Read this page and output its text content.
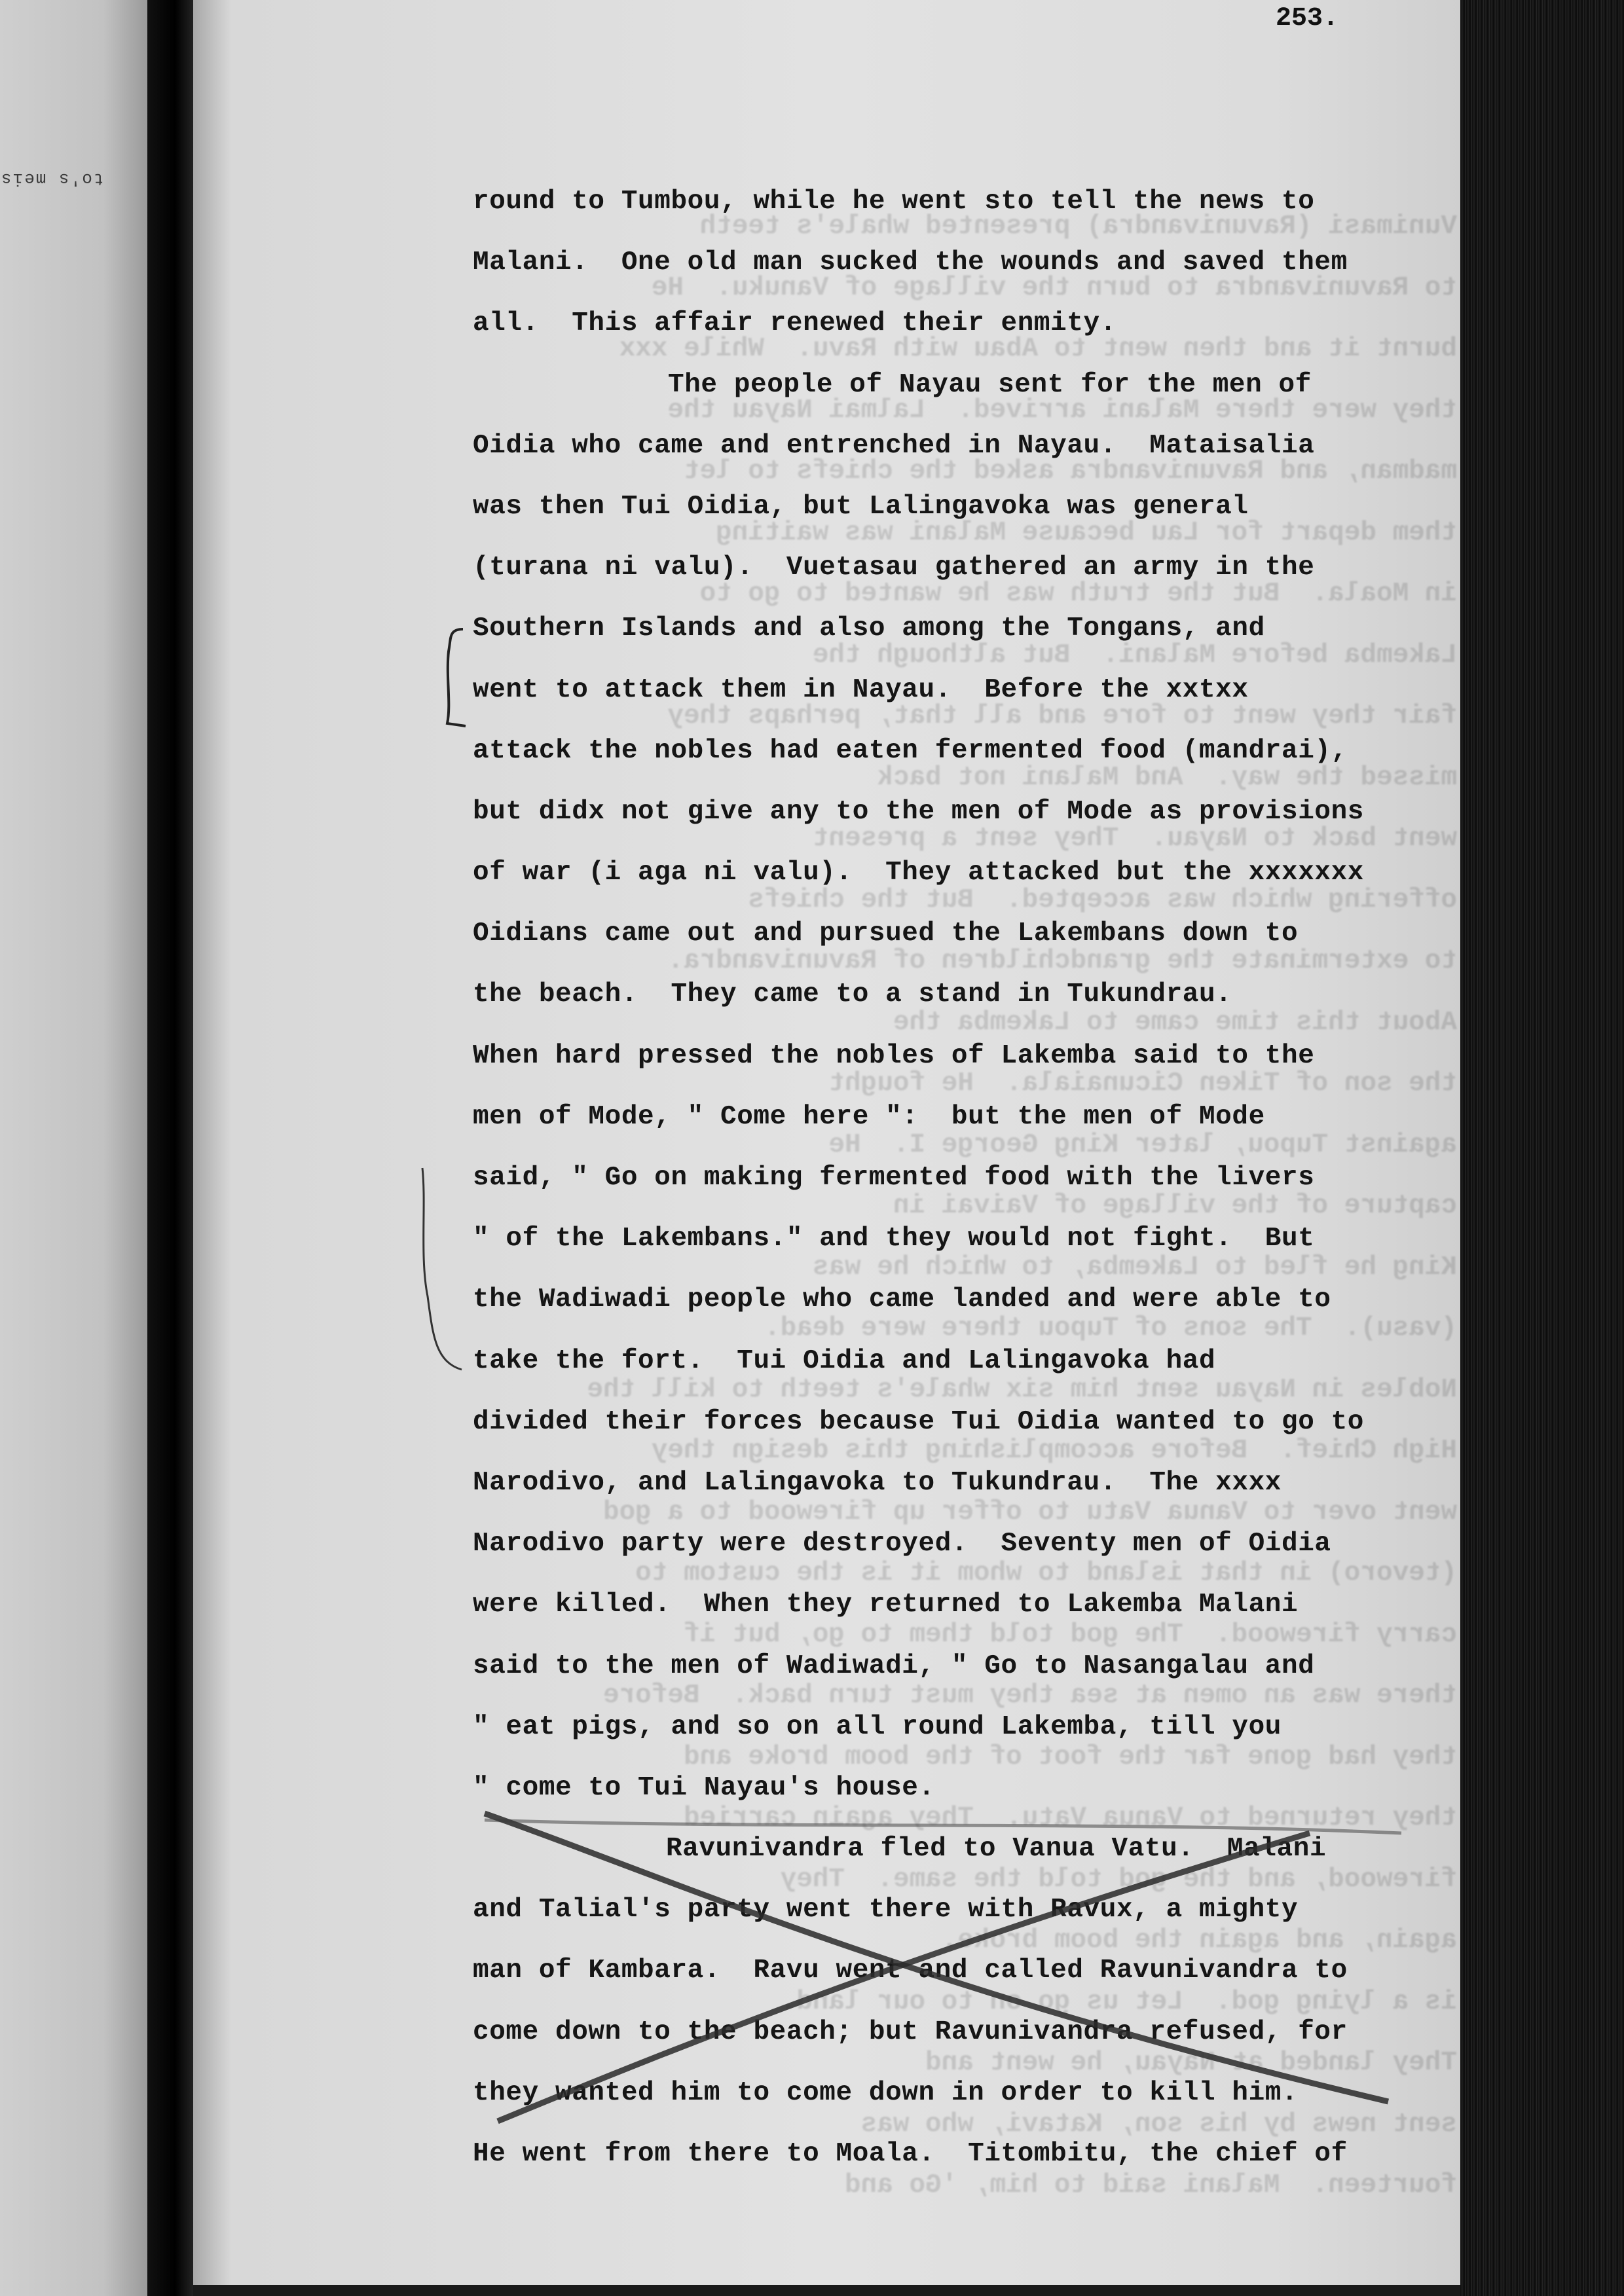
to's meis
Vunimasi (Ravunivandra) presented whale's teeth
to Ravunivandra to burn the village of Vanuku.  He
burnt it and then went to Abau with Ravu.  While xxx
they were there Malani arrived.  Lalmai Nayau the
madman, and Ravunivandra asked the chiefs to let
them depart for Lau because Malani was waiting
in Moala.  But the truth was he wanted to go to
Lakemba before Malani.  But although the
fair they went to fore and all that, perhaps they
missed the way.  And Malani not back
went back to Nayau.  They sent a present
offering which was accepted.  But the chiefs
to exterminate the grandchildren of Ravunivandra.
About this time came to Lakemba the
the son of Tiken Cicunaiala.  He fought
against Tupou, later King George I.  He
capture of the village of Vaivai in
King he fled to Lakemba, to which he was
(vasu).  The sons of Tupou there were dead.
Nobles in Nayau sent him six whale's teeth to kill the
High Chief.  Before accomplishing this design they
went over to Vanua Vatu to offer up firewood to a god
(tevoro) in that island to whom it is the custom to
carry firewood.  The god told them to go, but if
there was an omen at sea they must turn back.  Before
they had gone far the foot of the boom broke and
they returned to Vanua Vatu.  They again carried
firewood, and the god told the same.  They
again, and again the boom broke.
is a lying god.  Let us go on to our land.
They landed at Nayau, he went and
sent news by his son, Katavi, who was
fourteen.  Malani said to him, 'Go and
253.
round to Tumbou, while he went sto tell the news to
Malani.  One old man sucked the wounds and saved them
all.  This affair renewed their enmity.
The people of Nayau sent for the men of
Oidia who came and entrenched in Nayau.  Mataisalia
was then Tui Oidia, but Lalingavoka was general
(turana ni valu).  Vuetasau gathered an army in the
Southern Islands and also among the Tongans, and
went to attack them in Nayau.  Before the xxtxx
attack the nobles had eaten fermented food (mandrai),
but didx not give any to the men of Mode as provisions
of war (i aga ni valu).  They attacked but the xxxxxxx
Oidians came out and pursued the Lakembans down to
the beach.  They came to a stand in Tukundrau.
When hard pressed the nobles of Lakemba said to the
men of Mode, " Come here ":  but the men of Mode
said, " Go on making fermented food with the livers
" of the Lakembans." and they would not fight.  But
the Wadiwadi people who came landed and were able to
take the fort.  Tui Oidia and Lalingavoka had
divided their forces because Tui Oidia wanted to go to
Narodivo, and Lalingavoka to Tukundrau.  The xxxx
Narodivo party were destroyed.  Seventy men of Oidia
were killed.  When they returned to Lakemba Malani
said to the men of Wadiwadi, " Go to Nasangalau and
" eat pigs, and so on all round Lakemba, till you
" come to Tui Nayau's house.
Ravunivandra fled to Vanua Vatu.  Malani
and Talial's party went there with Ravux, a mighty
man of Kambara.  Ravu went and called Ravunivandra to
come down to the beach; but Ravunivandra refused, for
they wanted him to come down in order to kill him.
He went from there to Moala.  Titombitu, the chief of
